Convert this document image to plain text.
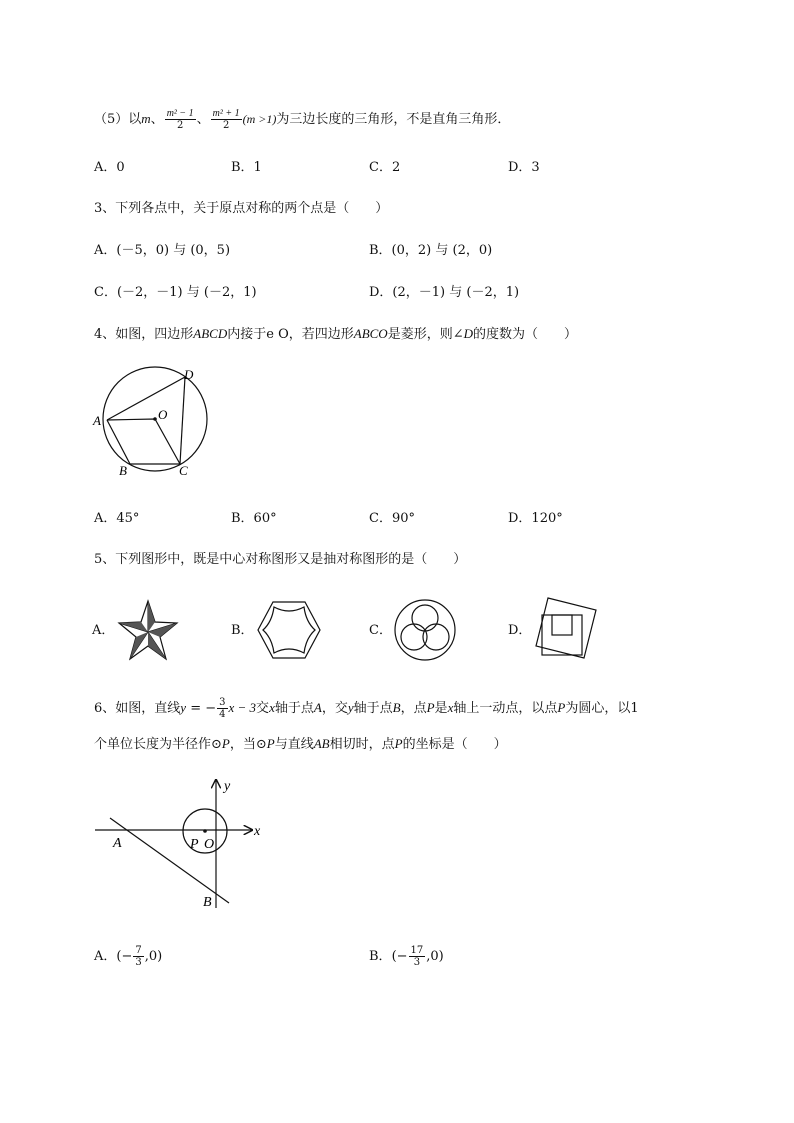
（5）以m、 $\frac{\text{m² − 1}}{2}$ 、 $\frac{\text{m² + 1}}{2} (m >1)$为三边长度的三角形，不是直角三角形．
A．0	B．1	C．2	D．3
3、下列各点中，关于原点对称的两个点是（　　）
A．(－5，0) 与 (0，5)	B．(0，2) 与 (2，0)
C．(－2，－1) 与 (－2，1)	D．(2，－1) 与 (－2，1)
4、如图，四边形ABCD内接于e O，若四边形ABCO是菱形，则∠D的度数为（　　）
A
B	C
D
O
A．45°	B．60°	C．90°	D．120°
5、下列图形中，既是中心对称图形又是抽对称图形的是（　　）
A．	B．	C．	D．
6、如图，直线y = − $\frac{3}{4}$ x − 3交x轴于点A，交y轴于点B，点P是x轴上一动点，以点P为圆心，以1
个单位长度为半径作⊙P，当⊙P与直线AB相切时，点P的坐标是（　　）
y
x
A
B
P O
A．(− $\frac{7}{3} ,0$)	B．(− $\frac{17}{3} ,0$)
